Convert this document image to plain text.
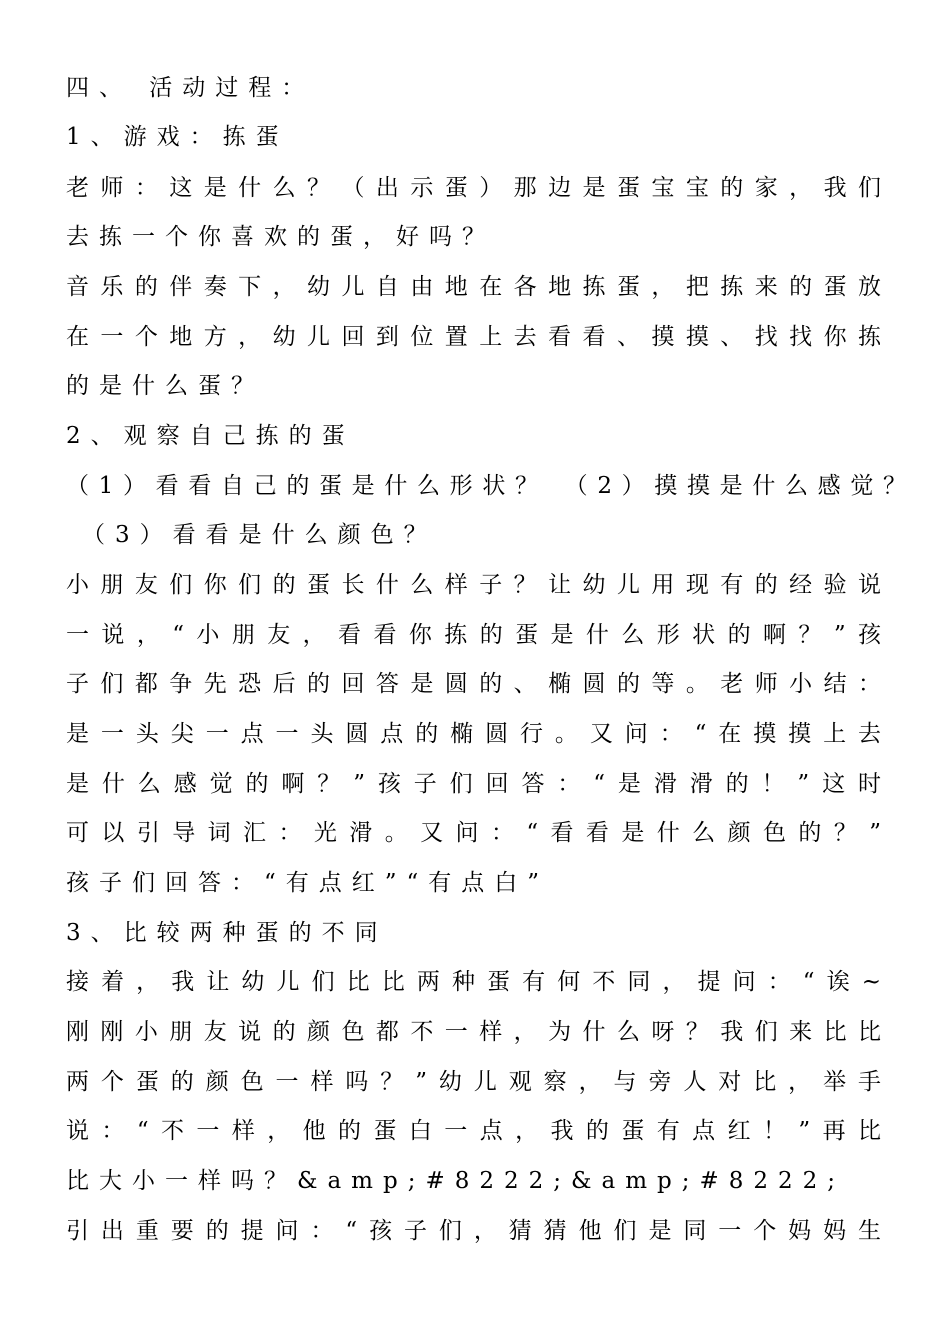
四、 活动过程：
1、游戏：拣蛋
老师：这是什么？（出示蛋）那边是蛋宝宝的家，我们
去拣一个你喜欢的蛋，好吗？
音乐的伴奏下，幼儿自由地在各地拣蛋，把拣来的蛋放
在一个地方，幼儿回到位置上去看看、摸摸、找找你拣
的是什么蛋？
2、观察自己拣的蛋
（1）看看自己的蛋是什么形状？ （2）摸摸是什么感觉？
（3）看看是什么颜色？
小朋友们你们的蛋长什么样子？让幼儿用现有的经验说
一说，“小朋友，看看你拣的蛋是什么形状的啊？”孩
子们都争先恐后的回答是圆的、椭圆的等。老师小结：
是一头尖一点一头圆点的椭圆行。又问：“在摸摸上去
是什么感觉的啊？”孩子们回答：“是滑滑的！”这时
可以引导词汇：光滑。又问：“看看是什么颜色的？”
孩子们回答：“有点红”“有点白”
3、比较两种蛋的不同
接着，我让幼儿们比比两种蛋有何不同，提问：“诶~
刚刚小朋友说的颜色都不一样，为什么呀？我们来比比
两个蛋的颜色一样吗？”幼儿观察，与旁人对比，举手
说：“不一样，他的蛋白一点，我的蛋有点红！”再比
比大小一样吗？&amp;#8222;&amp;#8222;
引出重要的提问：“孩子们，猜猜他们是同一个妈妈生
